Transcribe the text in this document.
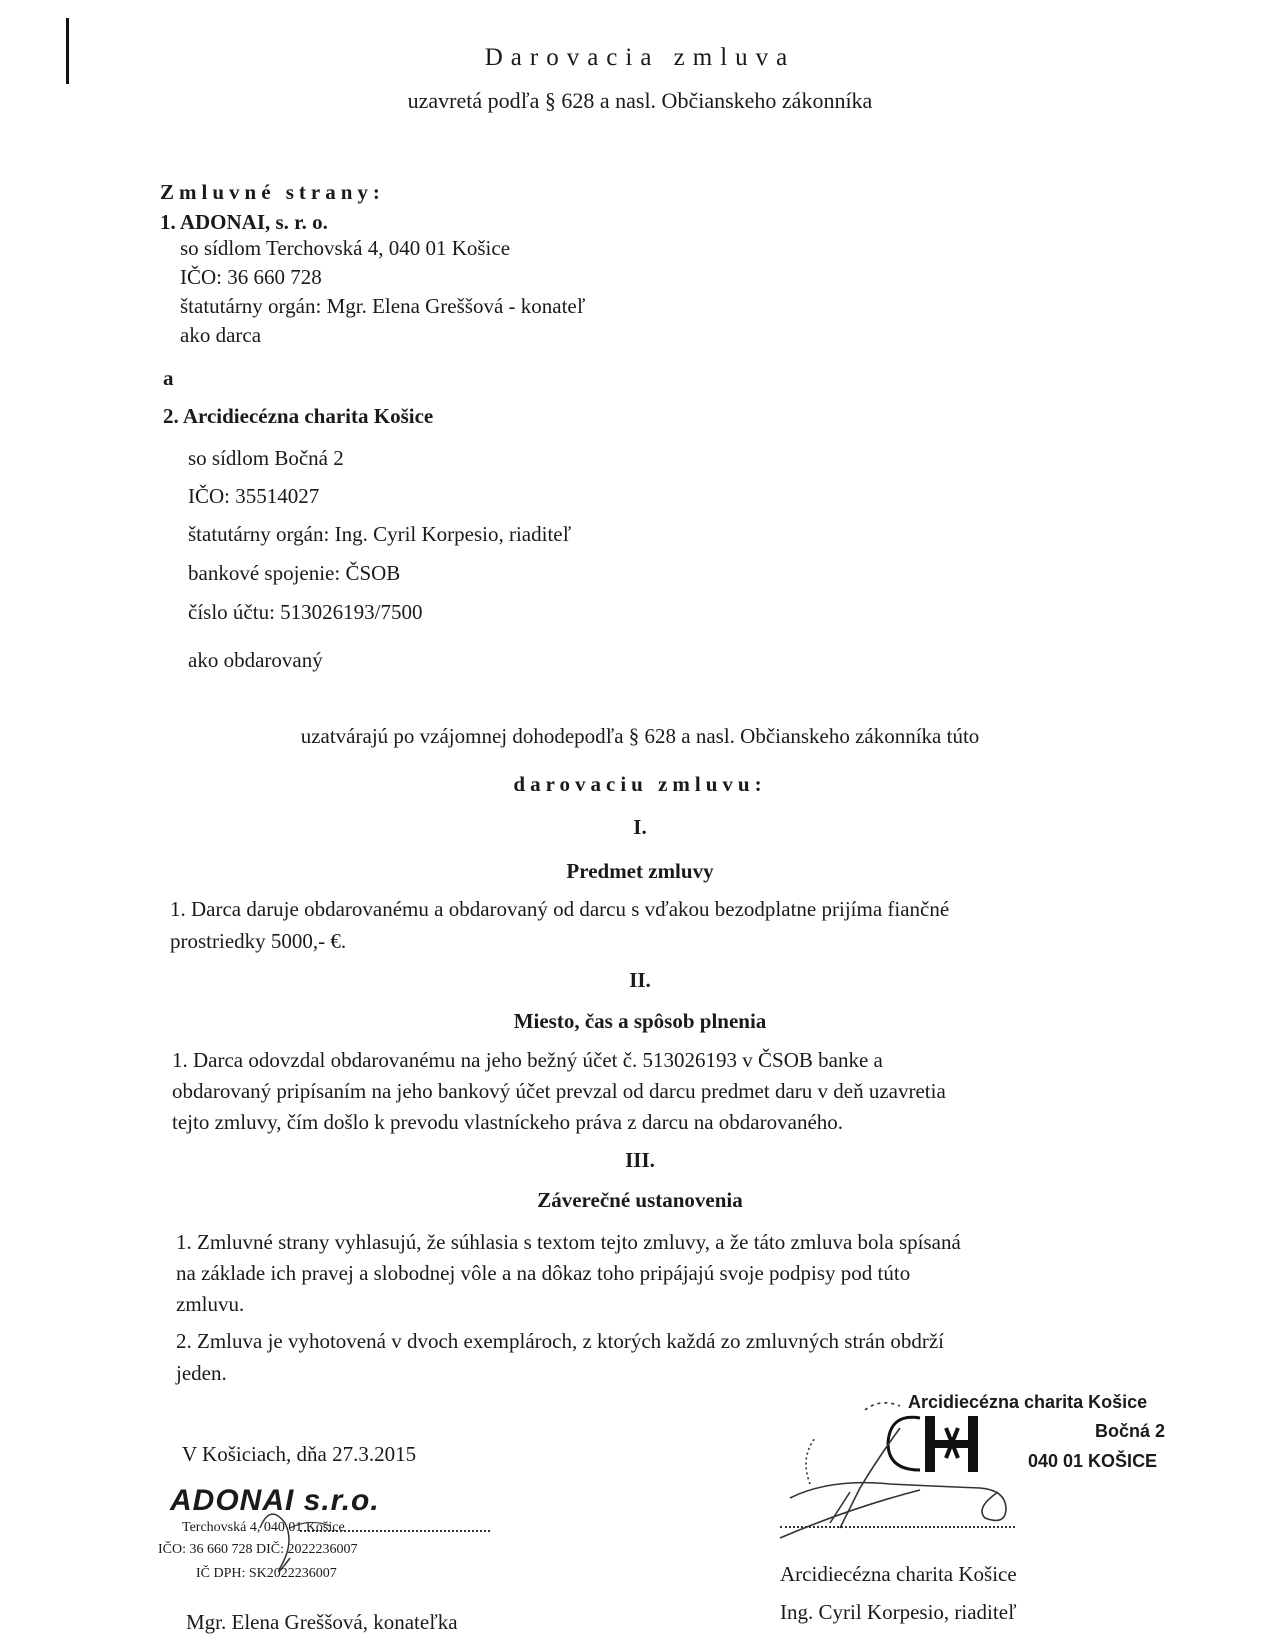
Darovacia zmluva
uzavretá podľa § 628 a nasl. Občianskeho zákonníka
Zmluvné strany:
1. ADONAI, s. r. o.
so sídlom Terchovská 4, 040 01 Košice
IČO: 36 660 728
štatutárny orgán: Mgr. Elena Greššová - konateľ
ako darca
a
2. Arcidiecézna charita Košice
so sídlom Bočná 2
IČO: 35514027
štatutárny orgán: Ing. Cyril Korpesio, riaditeľ
bankové spojenie: ČSOB
číslo účtu: 513026193/7500
ako obdarovaný
uzatvárajú po vzájomnej dohodepodľa § 628 a nasl. Občianskeho zákonníka túto
darovaciu zmluvu:
I.
Predmet zmluvy
1. Darca daruje obdarovanému a obdarovaný od darcu s vďakou bezodplatne prijíma fiančné
prostriedky 5000,- €.
II.
Miesto, čas a spôsob plnenia
1. Darca odovzdal obdarovanému na jeho bežný účet č. 513026193 v ČSOB banke a
obdarovaný pripísaním na jeho bankový účet prevzal od darcu predmet daru v deň uzavretia
tejto zmluvy, čím došlo k prevodu vlastníckeho práva z darcu na obdarovaného.
III.
Záverečné ustanovenia
1. Zmluvné strany vyhlasujú, že súhlasia s textom tejto zmluvy, a že táto zmluva bola spísaná
na základe ich pravej a slobodnej vôle a na dôkaz toho pripájajú svoje podpisy pod túto
zmluvu.
2. Zmluva je vyhotovená v dvoch exemplároch, z ktorých každá zo zmluvných strán obdrží
jeden.
V Košiciach, dňa 27.3.2015
Arcidiecézna charita Košice
Bočná 2
040 01 KOŠICE
ADONAI s.r.o.
Terchovská 4, 040 01 Košice
IČO: 36 660 728 DIČ: 2022236007
IČ DPH: SK2022236007
Mgr. Elena Greššová, konateľka
Arcidiecézna charita Košice
Ing. Cyril Korpesio, riaditeľ
